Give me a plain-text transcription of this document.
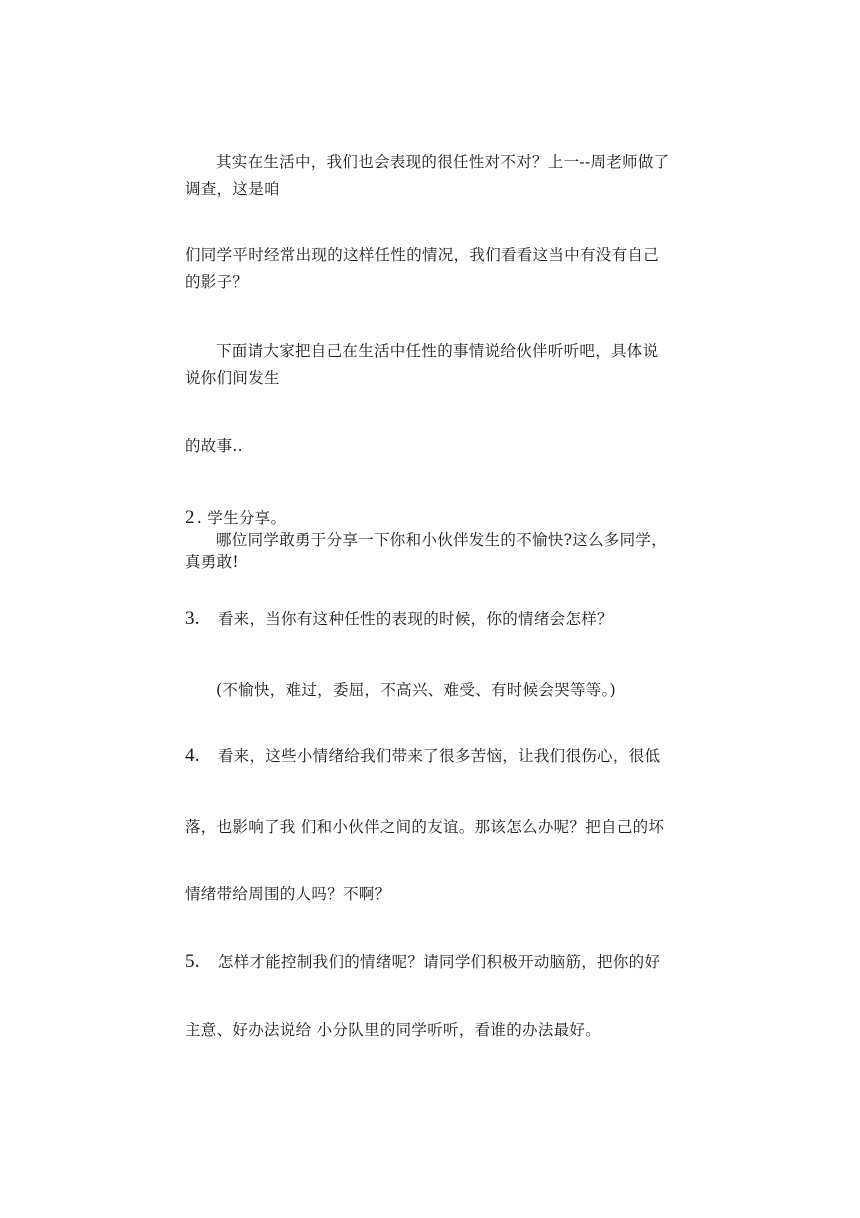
其实在生活中，我们也会表现的很任性对不对？上一--周老师做了
调查，这是咱
们同学平时经常出现的这样任性的情况，我们看看这当中有没有自己
的影子？
下面请大家把自己在生活中任性的事情说给伙伴听听吧，具体说
说你们间发生
的故事..
2 . 学生分享。
哪位同学敢勇于分享一下你和小伙伴发生的不愉快?这么多同学，
真勇敢!
3. 看来，当你有这种任性的表现的时候，你的情绪会怎样？
(不愉快，难过，委屈，不高兴、难受、有时候会哭等等。)
4. 看来，这些小情绪给我们带来了很多苦恼，让我们很伤心，很低
落，也影响了我 们和小伙伴之间的友谊。那该怎么办呢？把自己的坏
情绪带给周围的人吗？不啊？
5. 怎样才能控制我们的情绪呢？请同学们积极开动脑筋，把你的好
主意、好办法说给 小分队里的同学听听，看谁的办法最好。
